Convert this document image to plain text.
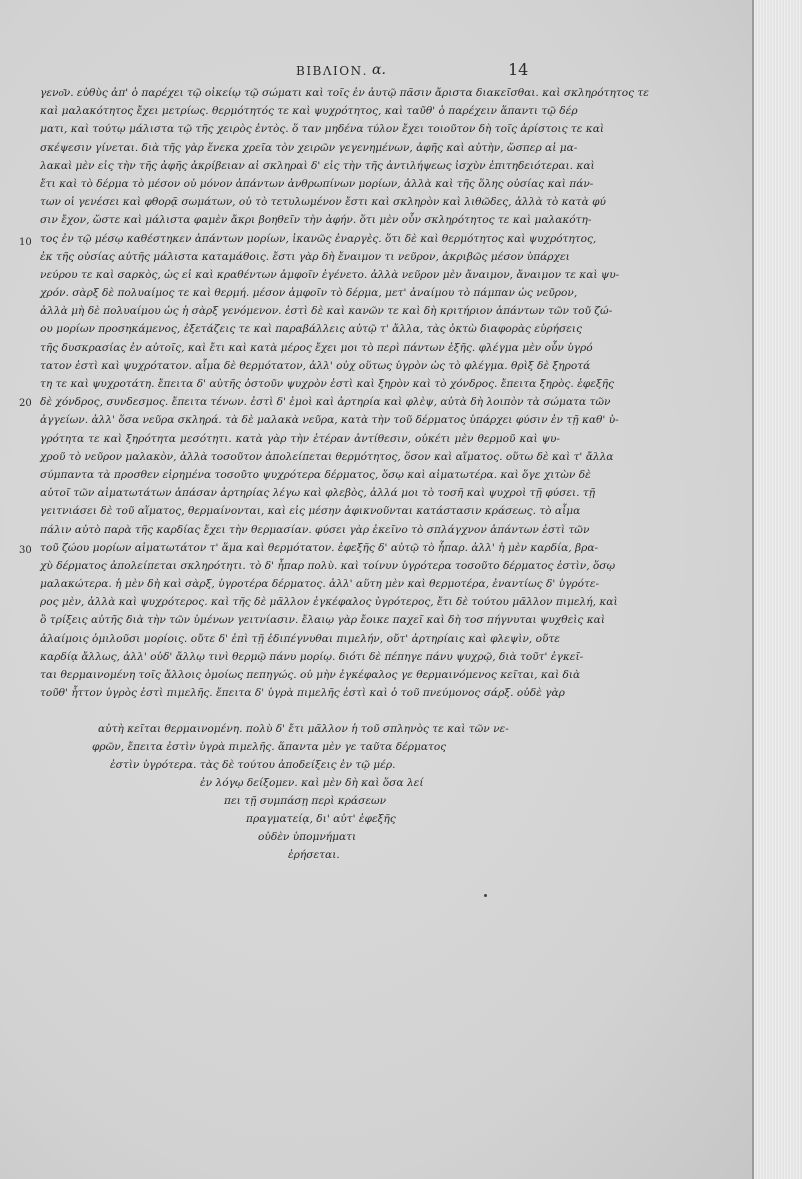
ΒΙΒΛΙΟΝ. α.	14
10
20
30
γενο͂ν. εὐθὺς ἀπ' ὁ παρέχει τῷ οἰκείῳ τῷ σώματι καὶ τοῖς ἐν ἀυτῷ πᾶσιν ἄριστα διακεῖσθαι. καὶ σκληρότητος τε
καὶ μαλακότητος ἔχει μετρίως. θερμότητός τε καὶ ψυχρότητος, καὶ ταῦθ' ὁ παρέχειν ἅπαντι τῷ δέρ
ματι, καὶ τούτῳ μάλιστα τῷ τῆς χειρὸς ἐντὸς. ὅ ταν μηδένα τύλον ἔχει τοιοῦτον δὴ τοῖς ἀρίστοις τε καὶ
σκέψεσιν γίνεται. διὰ τῆς γὰρ ἕνεκα χρεῖα τὸν χειρῶν γεγενημένων, ἀφῆς καὶ αὐτὴν, ὥσπερ αἱ μα-
λακαὶ μὲν εἰς τὴν τῆς ἀφῆς ἀκρίβειαν αἱ σκληραὶ δ' εἰς τὴν τῆς ἀντιλήψεως ἰσχὺν ἐπιτηδειότεραι. καὶ
ἔτι καὶ τὸ δέρμα τὸ μέσον οὐ μόνον ἁπάντων ἀνθρωπίνων μορίων, ἀλλὰ καὶ τῆς ὅλης οὐσίας καὶ πάν-
των οἱ γενέσει καὶ φθορᾷ σωμάτων, οὐ τὸ τετυλωμένον ἔστι καὶ σκληρὸν καὶ λιθῶδες, ἀλλὰ τὸ κατὰ φύ
σιν ἔχον, ὥστε καὶ μάλιστα φαμὲν ἄκρι βοηθεῖν τὴν ἁφήν. ὅτι μὲν οὖν σκληρότητος τε καὶ μαλακότη-
τος ἐν τῷ μέσῳ καθέστηκεν ἁπάντων μορίων, ἱκανῶς ἐναργὲς. ὅτι δὲ καὶ θερμότητος καὶ ψυχρότητος,
ἐκ τῆς οὐσίας αὐτῆς μάλιστα καταμάθοις. ἔστι γὰρ δὴ ἔναιμον τι νεῦρον, ἀκριβῶς μέσον ὑπάρχει
νεύρου τε καὶ σαρκὸς, ὡς εἰ καὶ κραθέντων ἀμφοῖν ἐγένετο. ἀλλὰ νεῦρον μὲν ἄναιμον, ἄναιμον τε καὶ ψυ-
χρόν. σὰρξ δὲ πολυαίμος τε καὶ θερμή. μέσον ἀμφοῖν τὸ δέρμα, μετ' ἀναίμου τὸ πάμπαν ὡς νεῦρον,
ἀλλὰ μὴ δὲ πολυαίμου ὡς ἡ σὰρξ γενόμενον. ἐστὶ δὲ καὶ κανῶν τε καὶ δὴ κριτήριον ἁπάντων τῶν τοῦ ζώ-
ου μορίων προσηκάμενος, ἐξετάζεις τε καὶ παραβάλλεις αὐτῷ τ' ἄλλα, τὰς ὀκτὼ διαφορὰς εὑρήσεις
τῆς δυσκρασίας ἐν αὐτοῖς, καὶ ἔτι καὶ κατὰ μέρος ἔχει μοι τὸ περὶ πάντων ἑξῆς. φλέγμα μὲν οὖν ὑγρό
τατον ἐστὶ καὶ ψυχρότατον. αἷμα δὲ θερμότατον, ἀλλ' οὐχ οὕτως ὑγρὸν ὡς τὸ φλέγμα. θρὶξ δὲ ξηροτά
τη τε καὶ ψυχροτάτη. ἔπειτα δ' αὐτῆς ὀστοῦν ψυχρὸν ἐστὶ καὶ ξηρὸν καὶ τὸ χόνδρος. ἔπειτα ξηρὸς. ἐφεξῆς
δὲ χόνδρος, συνδεσμος. ἔπειτα τένων. ἐστὶ δ' ἐμοὶ καὶ ἀρτηρία καὶ φλὲψ, αὐτὰ δὴ λοιπὸν τὰ σώματα τῶν
ἀγγείων. ἀλλ' ὅσα νεῦρα σκληρά. τὰ δὲ μαλακὰ νεῦρα, κατὰ τὴν τοῦ δέρματος ὑπάρχει φύσιν ἐν τῇ καθ' ὑ-
γρότητα τε καὶ ξηρότητα μεσότητι. κατὰ γὰρ τὴν ἑτέραν ἀντίθεσιν, οὐκέτι μὲν θερμοῦ καὶ ψυ-
χροῦ τὸ νεῦρον μαλακὸν, ἀλλὰ τοσοῦτον ἀπολείπεται θερμότητος, ὅσον καὶ αἵματος. οὕτω δὲ καὶ τ' ἄλλα
σύμπαντα τὰ προσθεν εἰρημένα τοσοῦτο ψυχρότερα δέρματος, ὅσῳ καὶ αἱματωτέρα. καὶ ὅγε χιτὼν δὲ
αὐτοῖ τῶν αἱματωτάτων ἁπάσαν ἀρτηρίας λέγω καὶ φλεβὸς, ἀλλά μοι τὸ τοσῆ καὶ ψυχροὶ τῇ φύσει. τῇ
γειτνιάσει δὲ τοῦ αἵματος, θερμαίνονται, καὶ εἰς μέσην ἀφικνοῦνται κατάστασιν κράσεως. τὸ αἷμα
πάλιν αὐτὸ παρὰ τῆς καρδίας ἔχει τὴν θερμασίαν. φύσει γὰρ ἐκεῖνο τὸ σπλάγχνον ἁπάντων ἐστὶ τῶν
τοῦ ζώου μορίων αἱματωτάτον τ' ἅμα καὶ θερμότατον. ἐφεξῆς δ' αὐτῷ τὸ ἧπαρ. ἀλλ' ἡ μὲν καρδία, βρα-
χὺ δέρματος ἀπολείπεται σκληρότητι. τὸ δ' ἧπαρ πολὺ. καὶ τοίνυν ὑγρότερα τοσοῦτο δέρματος ἐστὶν, ὅσῳ
μαλακώτερα. ἡ μὲν δὴ καὶ σὰρξ, ὑγροτέρα δέρματος. ἀλλ' αὕτη μὲν καὶ θερμοτέρα, ἐναντίως δ' ὑγρότε-
ρος μὲν, ἀλλὰ καὶ ψυχρότερος. καὶ τῆς δὲ μᾶλλον ἐγκέφαλος ὑγρότερος, ἔτι δὲ τούτου μᾶλλον πιμελή, καὶ
ὃ τρίξεις αὐτῆς διὰ τὴν τῶν ὑμένων γειτνίασιν. ἔλαιῳ γὰρ ἔοικε παχεῖ καὶ δὴ τοσ πήγνυται ψυχθεὶς καὶ
ἀλαίμοις ὁμιλοῦσι μορίοις. οὔτε δ' ἐπὶ τῇ ἐδιπέγνυθαι πιμελήν, οὔτ' ἀρτηρίαις καὶ φλεψὶν, οὔτε
καρδίᾳ ἄλλως, ἀλλ' οὐδ' ἄλλῳ τινὶ θερμῷ πάνυ μορίῳ. διότι δὲ πέπηγε πάνυ ψυχρῷ, διὰ τοῦτ' ἐγκεῖ-
ται θερμαινομένη τοῖς ἄλλοις ὁμοίως πεπηγώς. οὐ μὴν ἐγκέφαλος γε θερμαινόμενος κεῖται, καὶ διὰ
τοῦθ' ἧττον ὑγρὸς ἐστὶ πιμελῆς. ἔπειτα δ' ὑγρὰ πιμελῆς ἐστὶ καὶ ὁ τοῦ πνεύμονος σάρξ. οὐδὲ γὰρ
αὐτὴ κεῖται θερμαινομένη. πολὺ δ' ἔτι μᾶλλον ἡ τοῦ σπληνὸς τε καὶ τῶν νε-
φρῶν, ἔπειτα ἐστὶν ὑγρὰ πιμελῆς. ἅπαντα μὲν γε ταῦτα δέρματος
ἐστὶν ὑγρότερα. τὰς δὲ τούτου ἀποδείξεις ἐν τῷ μέρ.
ἐν λόγῳ δείξομεν. καὶ μὲν δὴ καὶ ὅσα λεί
πει τῇ συμπάσῃ περὶ κράσεων
πραγματείᾳ, δι' αὐτ' ἐφεξῆς
οὐδὲν ὑπομνήματι
ἐρήσεται.
